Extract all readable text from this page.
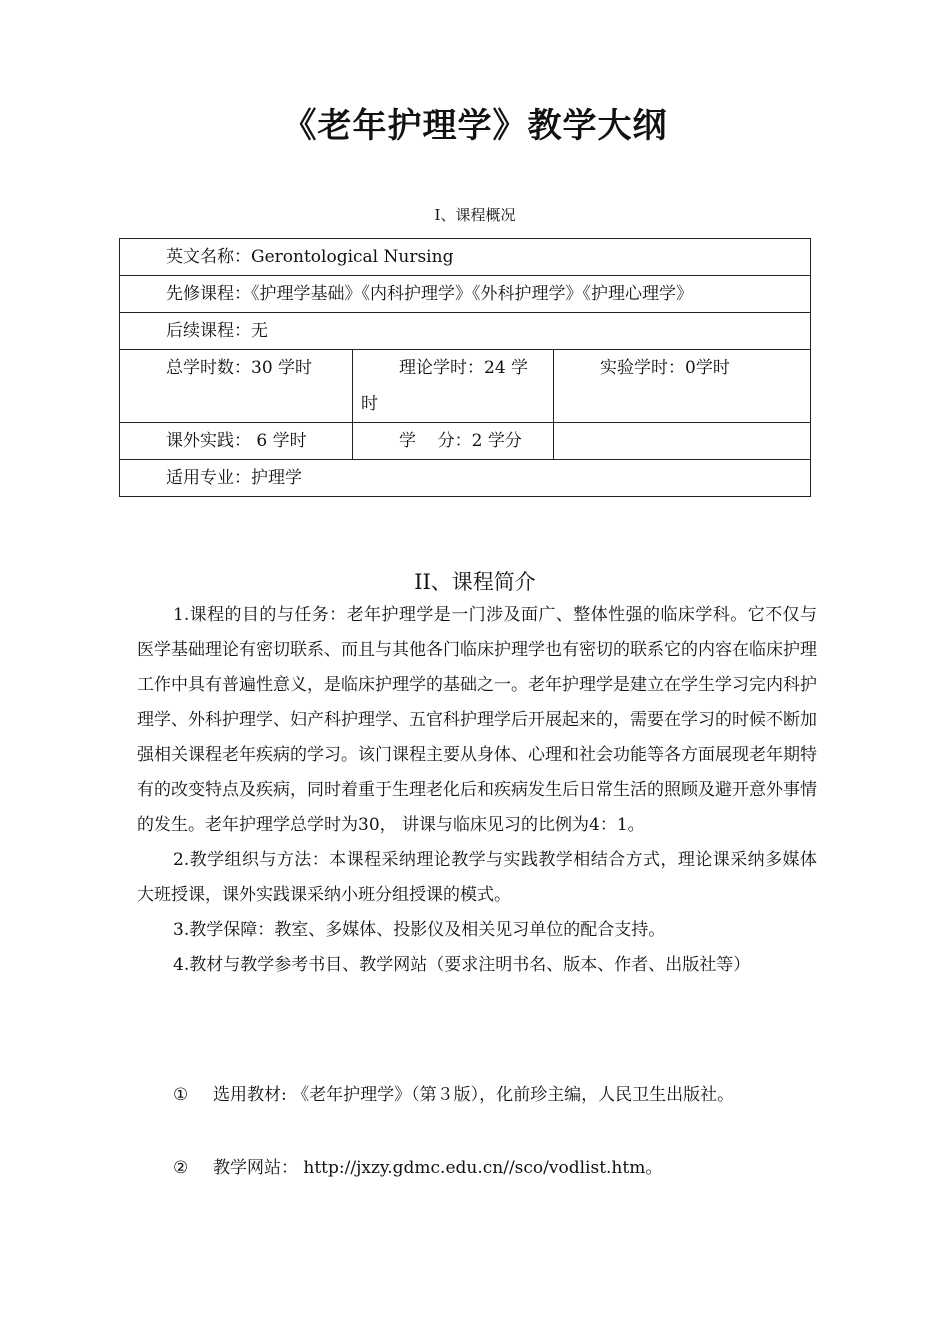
《老年护理学》教学大纲
I、课程概况
英文名称：Gerontological Nursing		
先修课程：《护理学基础》《内科护理学》《外科护理学》《护理心理学》		
后续课程：无		
总学时数：30 学时	理论学时：24 学时	实验学时：0学时
课外实践： 6 学时	学    分：2 学分	

适用专业：护理学		
II、课程简介

1.课程的目的与任务：老年护理学是一门涉及面广、整体性强的临床学科。它不仅与医学基础理论有密切联系、而且与其他各门临床护理学也有密切的联系它的内容在临床护理工作中具有普遍性意义，是临床护理学的基础之一。老年护理学是建立在学生学习完内科护理学、外科护理学、妇产科护理学、五官科护理学后开展起来的，需要在学习的时候不断加强相关课程老年疾病的学习。该门课程主要从身体、心理和社会功能等各方面展现老年期特有的改变特点及疾病，同时着重于生理老化后和疾病发生后日常生活的照顾及避开意外事情的发生。老年护理学总学时为30， 讲课与临床见习的比例为4：1。

2.教学组织与方法：本课程采纳理论教学与实践教学相结合方式，理论课采纳多媒体大班授课，课外实践课采纳小班分组授课的模式。

3.教学保障：教室、多媒体、投影仪及相关见习单位的配合支持。

4.教材与教学参考书目、教学网站（要求注明书名、版本、作者、出版社等）

① 选用教材: 《老年护理学》（第３版），化前珍主编，人民卫生出版社。
② 教学网站： http://jxzy.gdmc.edu.cn//sco/vodlist.htm。
